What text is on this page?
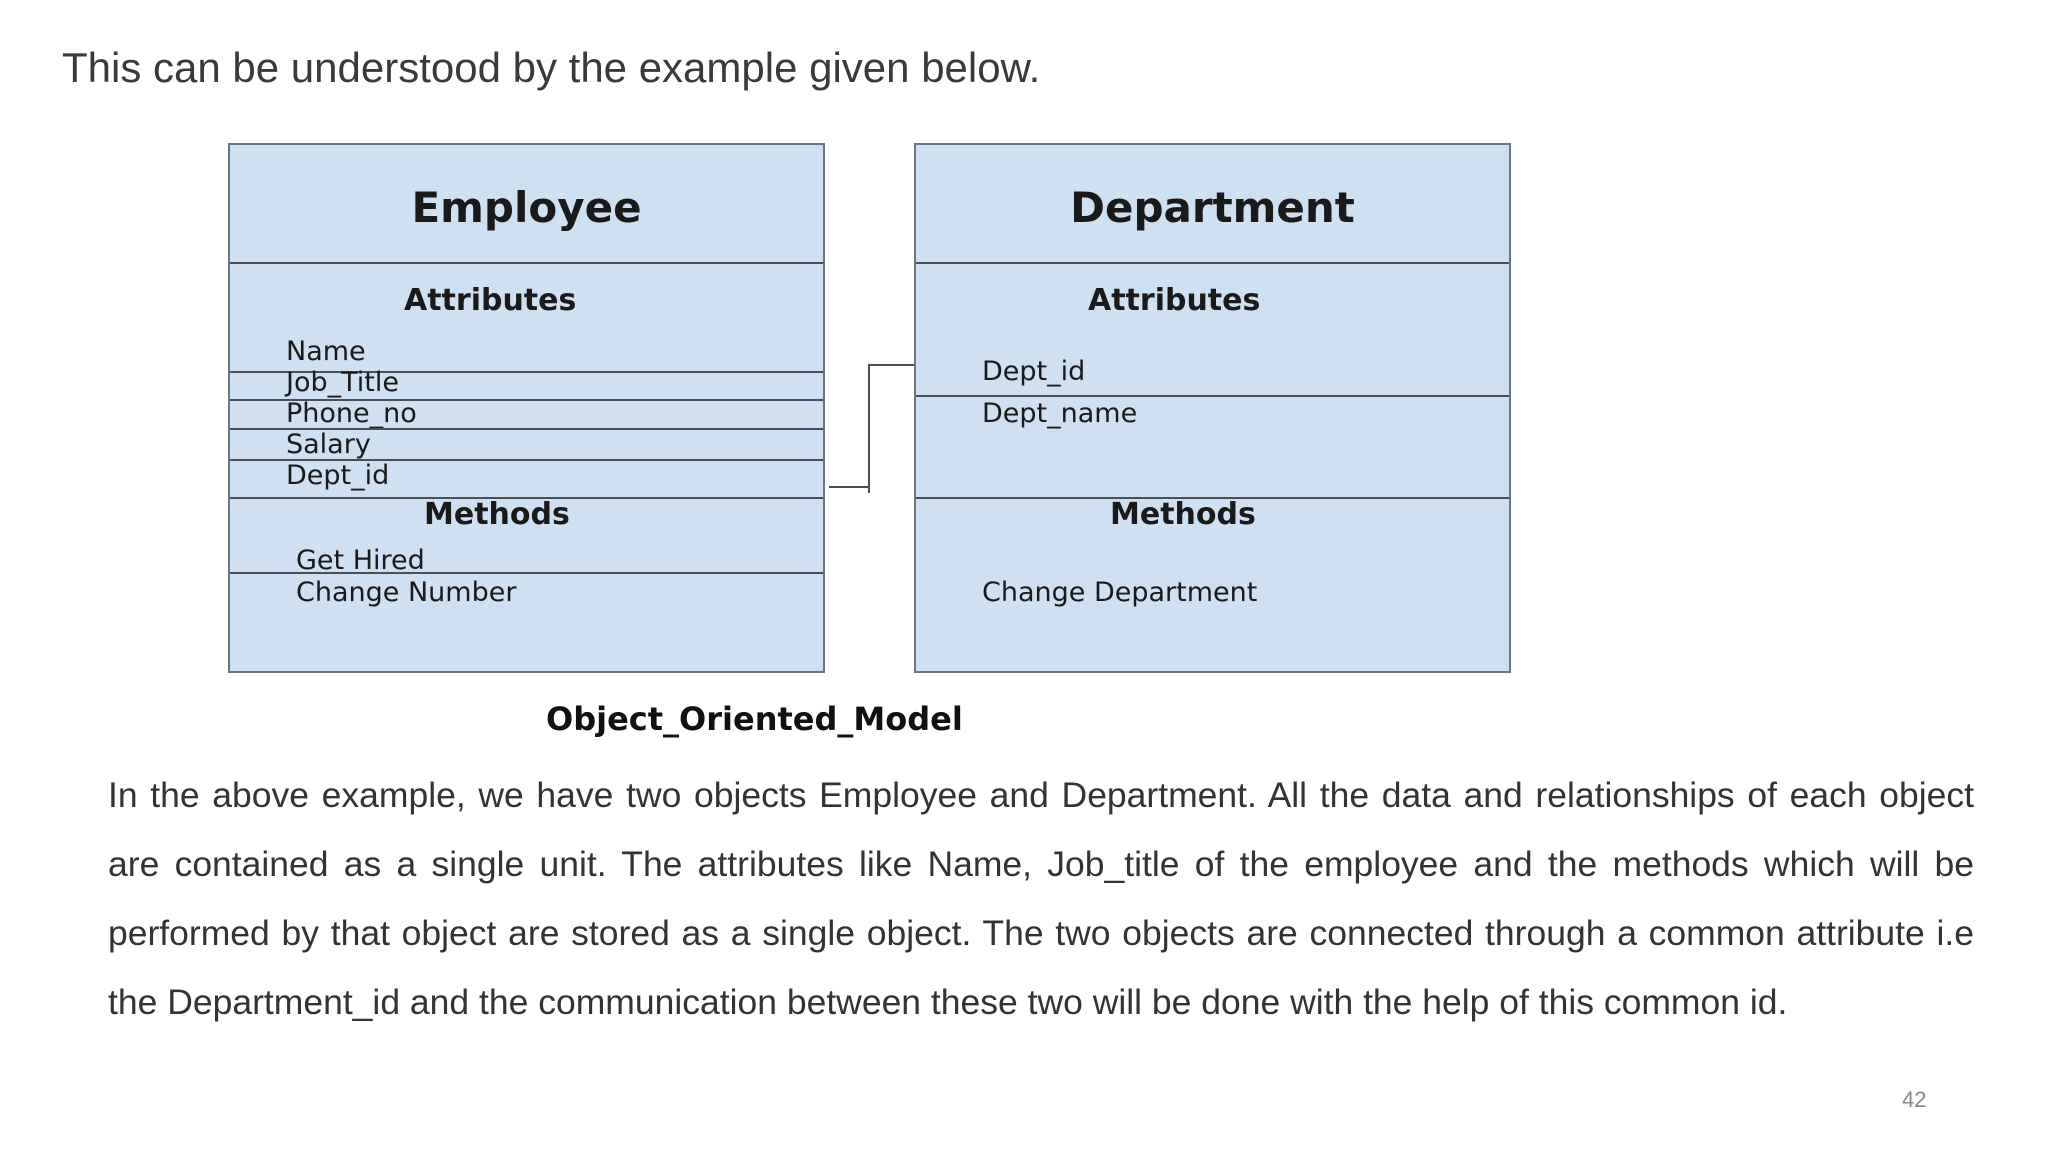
This can be understood by the example given below.
Employee
Attributes
Name
Job_Title
Phone_no
Salary
Dept_id
Methods
Get Hired
Change Number
Department
Attributes
Dept_id
Dept_name
Methods
Change Department
Object_Oriented_Model
In the above example, we have two objects Employee and Department. All the data and relationships of each object are contained as a single unit. The attributes like Name, Job_title of the employee and the methods which will be performed by that object are stored as a single object. The two objects are connected through a common attribute i.e the Department_id and the communication between these two will be done with the help of this common id.
42
